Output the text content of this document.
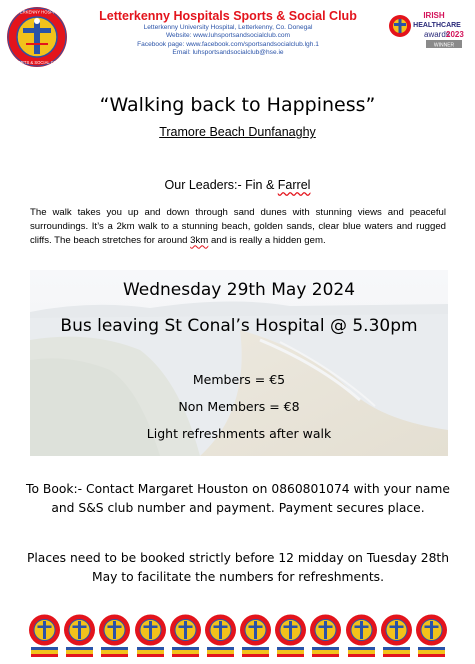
LETTERKENNY HOSPITALS
SPORTS & SOCIAL CLUB
Letterkenny Hospitals Sports & Social Club
Letterkenny University Hospital, Letterkenny, Co. Donegal
Website: www.luhsportsandsocialclub.com
Facebook page: www.facebook.com/sportsandsocialclub.lgh.1
Email: luhsportsandsocialclub@hse.ie
IRISH
HEALTHCARE
awards
2023
WINNER
“Walking back to Happiness”
Tramore Beach Dunfanaghy
Our Leaders:- Fin & Farrel
The walk takes you up and down through sand dunes with stunning views and peaceful surroundings. It’s a 2km walk to a stunning beach, golden sands, clear blue waters and rugged cliffs. The beach stretches for around 3km and is really a hidden gem.
Wednesday 29th May 2024
Bus leaving St Conal’s Hospital @ 5.30pm
Members = €5
Non Members = €8
Light refreshments after walk
To Book:- Contact Margaret Houston on 0860801074 with your name and S&S club number and payment. Payment secures place.
Places need to be booked strictly before 12 midday on Tuesday 28th May to facilitate the numbers for refreshments.
